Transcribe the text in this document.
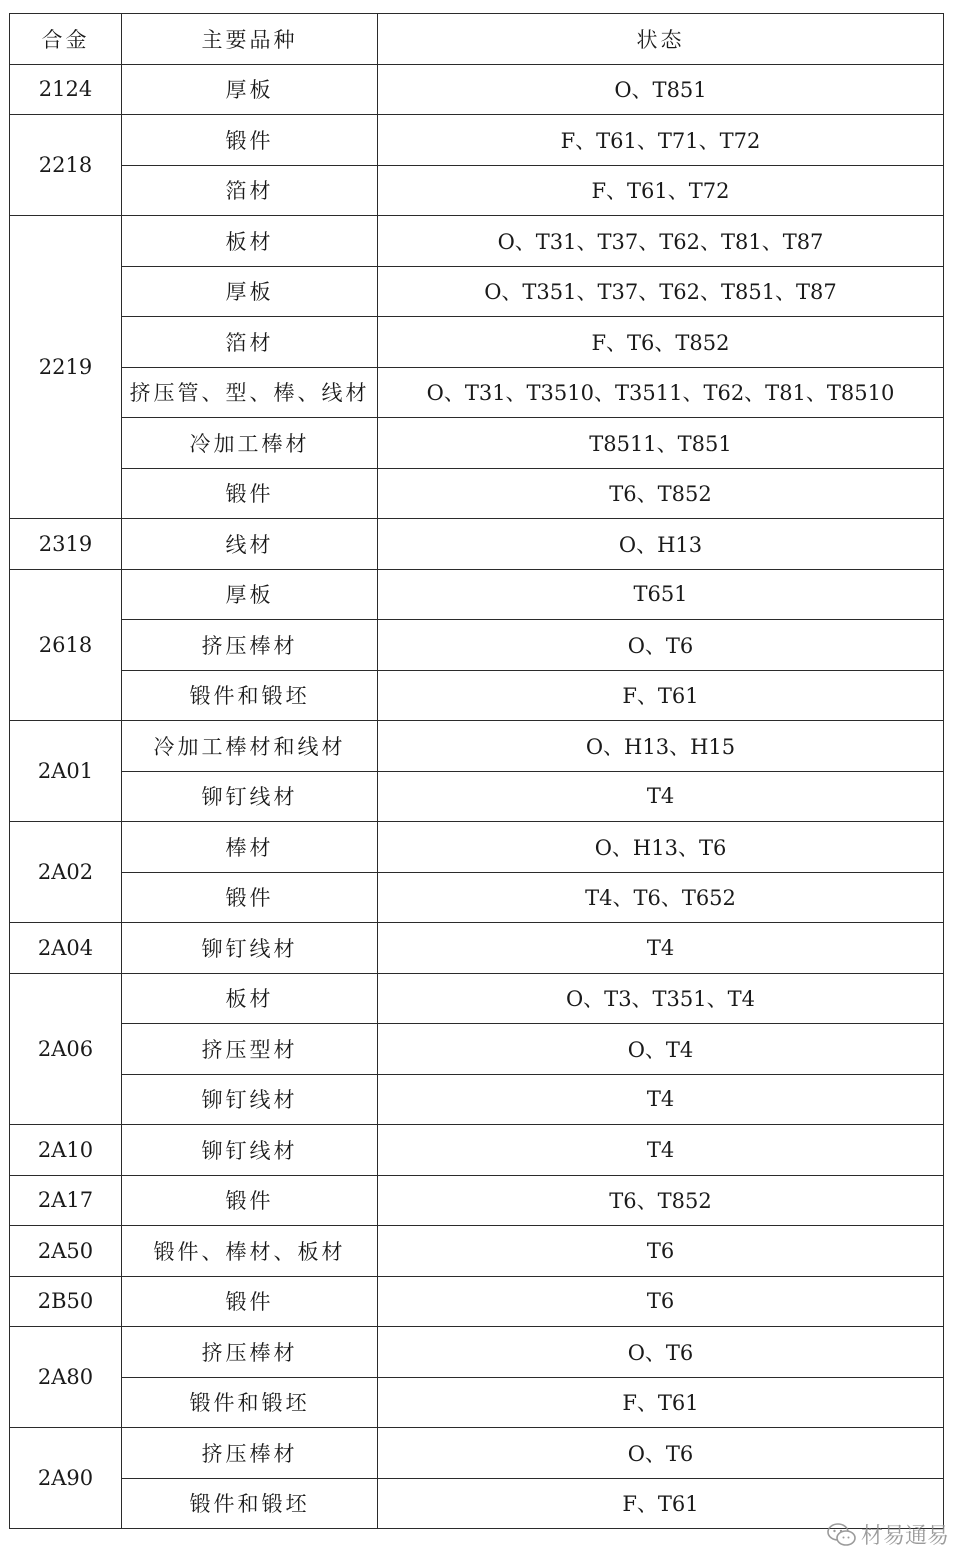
合金	主要品种	状态
2124	厚板	O、T851
2218	锻件	F、T61、T71、T72
	箔材	F、T61、T72
2219	板材	O、T31、T37、T62、T81、T87
	厚板	O、T351、T37、T62、T851、T87
	箔材	F、T6、T852
	挤压管、型、棒、线材	O、T31、T3510、T3511、T62、T81、T8510
	冷加工棒材	T8511、T851
	锻件	T6、T852
2319	线材	O、H13
2618	厚板	T651
	挤压棒材	O、T6
	锻件和锻坯	F、T61
2A01	冷加工棒材和线材	O、H13、H15
	铆钉线材	T4
2A02	棒材	O、H13、T6
	锻件	T4、T6、T652
2A04	铆钉线材	T4
2A06	板材	O、T3、T351、T4
	挤压型材	O、T4
	铆钉线材	T4
2A10	铆钉线材	T4
2A17	锻件	T6、T852
2A50	锻件、棒材、板材	T6
2B50	锻件	T6
2A80	挤压棒材	O、T6
	锻件和锻坯	F、T61
2A90	挤压棒材	O、T6
	锻件和锻坯	F、T61
材易通易
